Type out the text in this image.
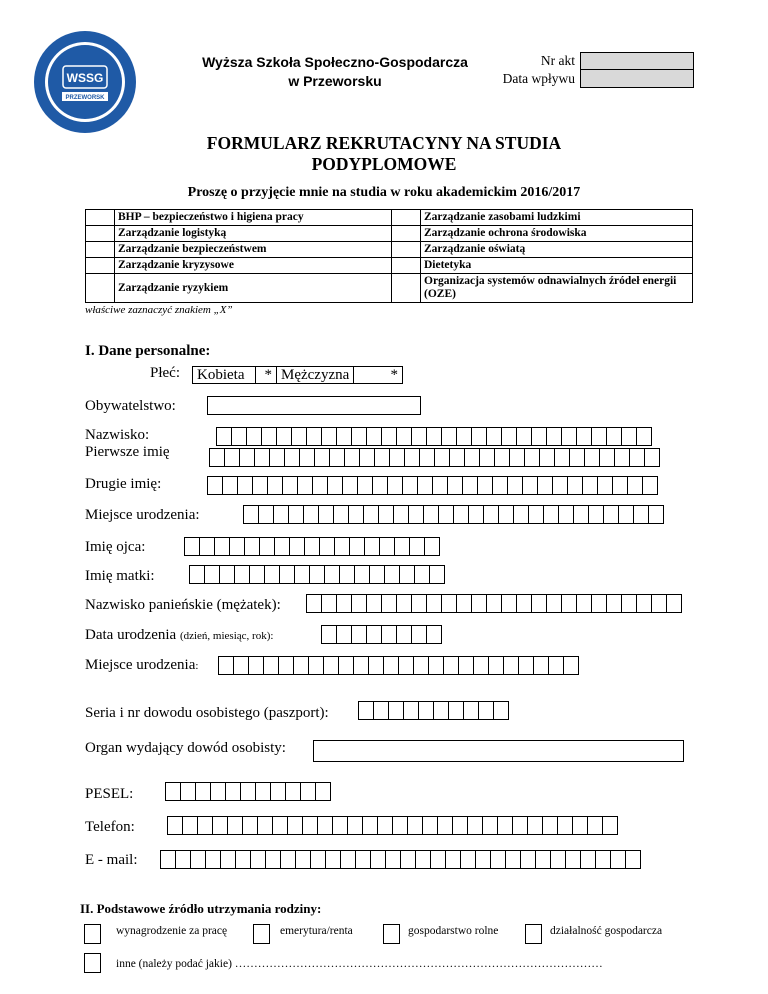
WSSG
PRZEWORSK
Wyższa Szkoła Społeczno-Gospodarcza
w Przeworsku
Nr akt
Data wpływu
FORMULARZ REKRUTACYNY NA STUDIA
PODYPLOMOWE
Proszę o przyjęcie mnie na studia w roku akademickim 2016/2017
	BHP – bezpieczeństwo i higiena pracy		Zarządzanie zasobami ludzkimi
	Zarządzanie logistyką		Zarządzanie ochrona środowiska
	Zarządzanie bezpieczeństwem		Zarządzanie oświatą
	Zarządzanie kryzysowe		Dietetyka
	Zarządzanie ryzykiem		Organizacja systemów odnawialnych źródeł energii (OZE)
właściwe zaznaczyć znakiem „X”
I. Dane personalne:
Płeć:	Kobieta	* Mężczyzna	*
Obywatelstwo:
Nazwisko:
Pierwsze imię
Drugie imię:
Miejsce urodzenia:
Imię ojca:
Imię matki:
Nazwisko panieńskie (mężatek):
Data urodzenia (dzień, miesiąc, rok):
Miejsce urodzenia:
Seria i nr dowodu osobistego (paszport):
Organ wydający dowód osobisty:
PESEL:
Telefon:
E - mail:
II. Podstawowe źródło utrzymania rodziny:
wynagrodzenie za pracę	emerytura/renta	gospodarstwo rolne	działalność gospodarcza
inne (należy podać jakie) ……………………………………………………………………………………
